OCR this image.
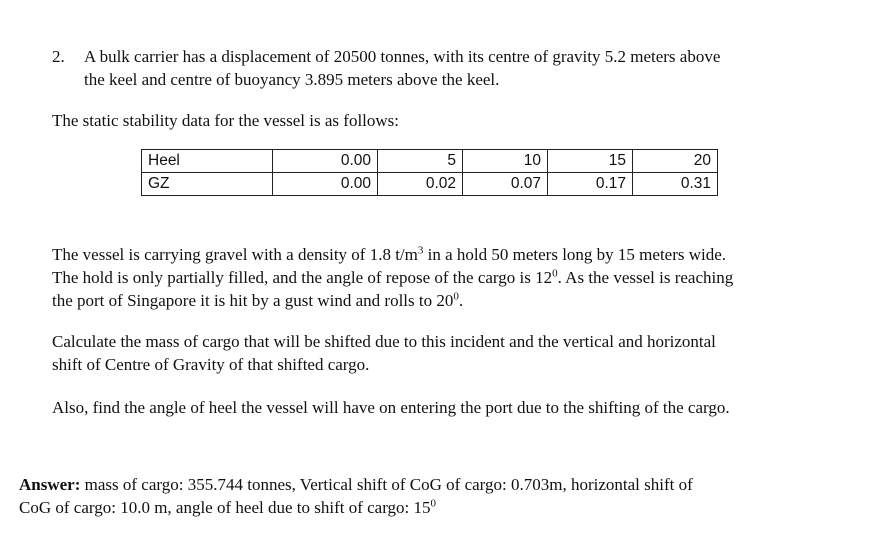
2. A bulk carrier has a displacement of 20500 tonnes, with its centre of gravity 5.2 meters above
the keel and centre of buoyancy 3.895 meters above the keel.
The static stability data for the vessel is as follows:
Heel	0.00	5	10	15	20
GZ	0.00	0.02	0.07	0.17	0.31
The vessel is carrying gravel with a density of 1.8 $t/m^3$ in a hold 50 meters long by 15 meters wide.
The hold is only partially filled, and the angle of repose of the cargo is $12^0$. As the vessel is reaching
the port of Singapore it is hit by a gust wind and rolls to $20^0$.
Calculate the mass of cargo that will be shifted due to this incident and the vertical and horizontal
shift of Centre of Gravity of that shifted cargo.
Also, find the angle of heel the vessel will have on entering the port due to the shifting of the cargo.
Answer: mass of cargo: 355.744 tonnes, Vertical shift of CoG of cargo: 0.703m, horizontal shift of
CoG of cargo: 10.0 m, angle of heel due to shift of cargo: $15^0$
